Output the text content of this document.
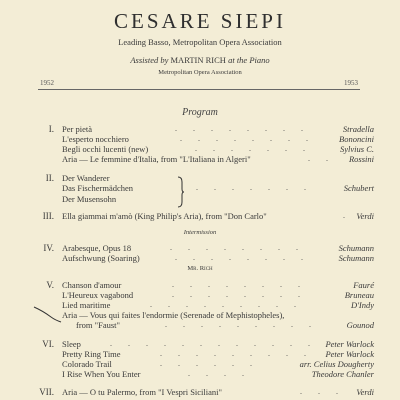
CESARE SIEPI
Leading Basso, Metropolitan Opera Association
Assisted by MARTIN RICH at the Piano
Metropolitan Opera Association
1952	1953
Program
I. Per pietà	. . . . . . . .	Stradella
L'esperto nocchiero	. . . . . . . .	Bononcini
Begli occhi lucenti (new)	. . . . . . .	Sylvius C.
Aria — Le femmine d'Italia, from "L'Italiana in Algeri"	. . Rossini
II. Der Wanderer
Das Fischermädchen
Der Musensohn
. . . . . . .	Schubert
III. Ella giammai m'amò (King Philip's Aria), from "Don Carlo"	. Verdi
Intermission
IV. Arabesque, Opus 18	. . . . . . . .	Schumann
Aufschwung (Soaring)	. . . . . . . .	Schumann
Mr. Rich
V. Chanson d'amour	. . . . . . . .	Fauré
L'Heureux vagabond	. . . . . . . .	Bruneau
Lied maritime	. . . . . . . . .	D'Indy
Aria — Vous qui faites l'endormie (Serenade of Mephistopheles),
from "Faust"	. . . . . . . . .	Gounod
VI. Sleep	. . . . . . . . . . . . Peter Warlock
Pretty Ring Time	. . . . . . . . . Peter Warlock
Colorado Trail	. . . . . .	arr. Celius Dougherty
I Rise When You Enter	. . . .	Theodore Chanler
VII. Aria — O tu Palermo, from "I Vespri Siciliani"	. . . Verdi
